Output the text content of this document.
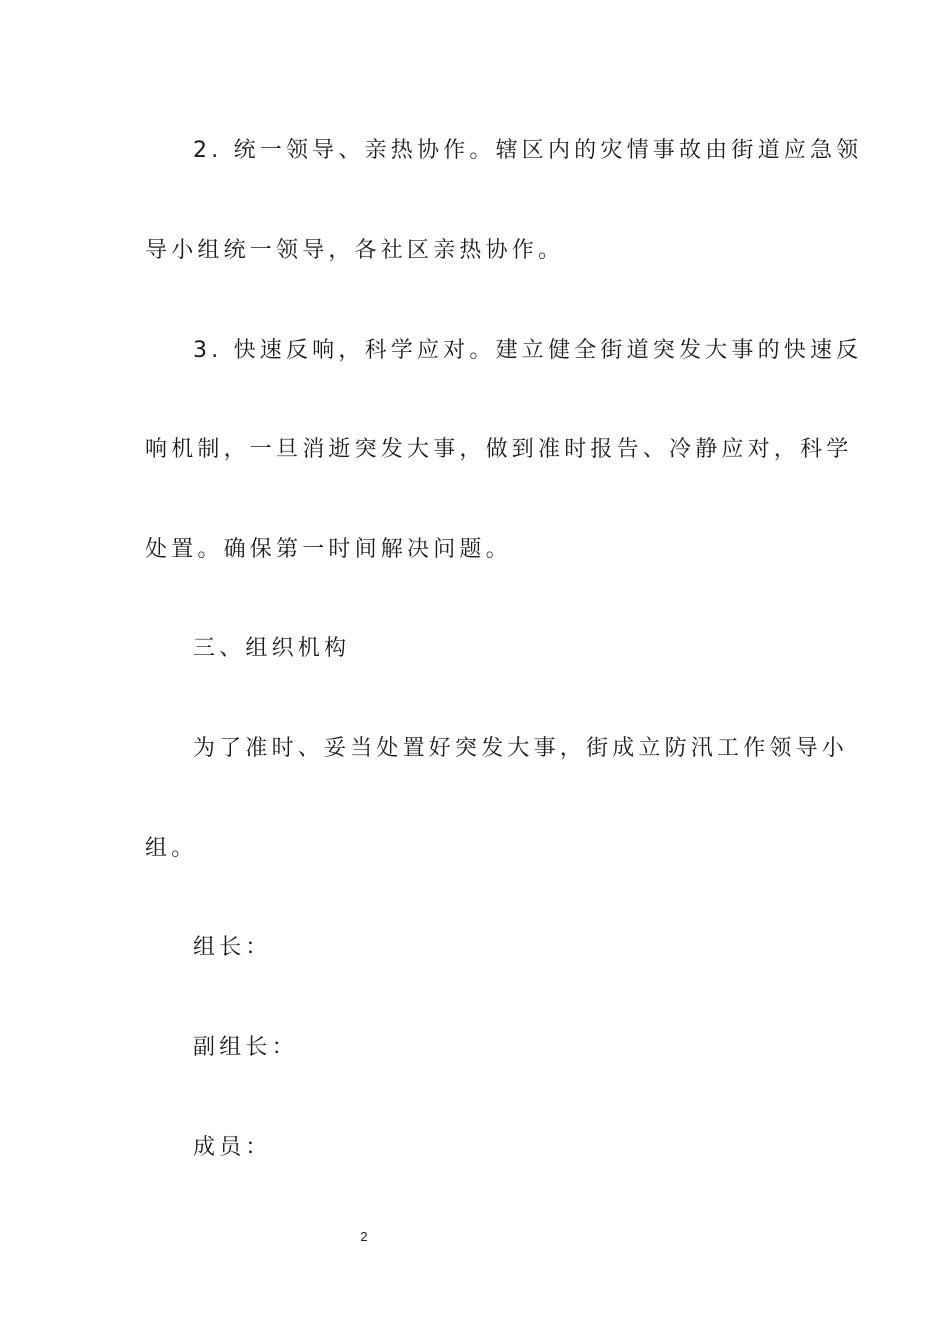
2. 统一领导、亲热协作。辖区内的灾情事故由街道应急领
导小组统一领导，各社区亲热协作。
3. 快速反响，科学应对。建立健全街道突发大事的快速反
响机制，一旦消逝突发大事，做到准时报告、冷静应对，科学
处置。确保第一时间解决问题。
三、组织机构
为了准时、妥当处置好突发大事，街成立防汛工作领导小
组。
组长：
副组长：
成员：
2
